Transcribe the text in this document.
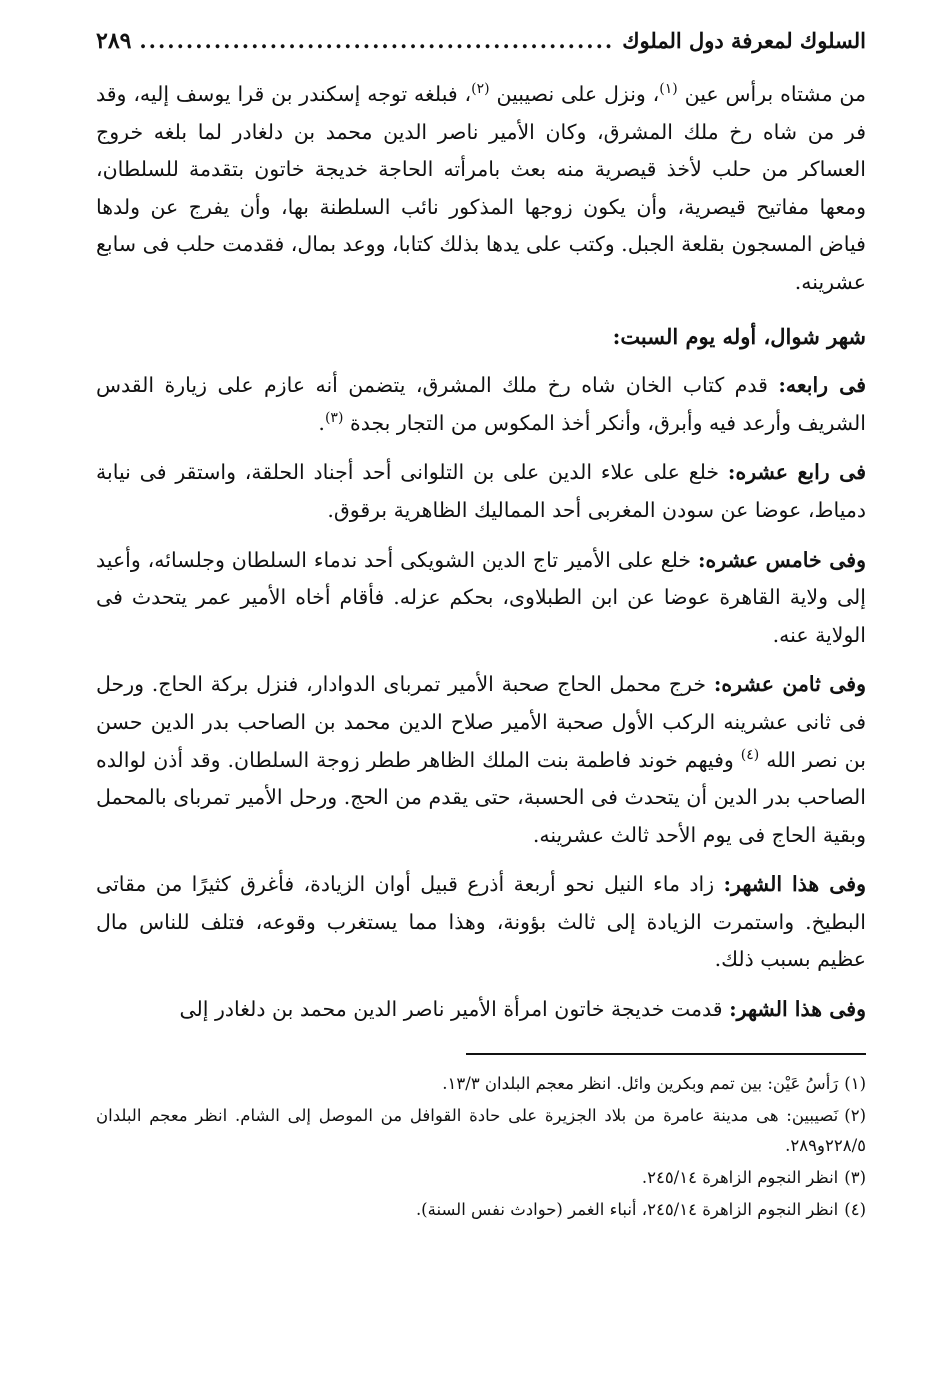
السلوك لمعرفة دول الملوك
.....
٢٨٩

من مشتاه برأس عين $^{(١)}$، ونزل على نصيبين $^{(٢)}$، فبلغه توجه إسكندر بن قرا يوسف إليه، وقد فر من شاه رخ ملك المشرق، وكان الأمير ناصر الدين محمد بن دلغادر لما بلغه خروج العساكر من حلب لأخذ قيصرية منه بعث بامرأته الحاجة خديجة خاتون بتقدمة للسلطان، ومعها مفاتيح قيصرية، وأن يكون زوجها المذكور نائب السلطنة بها، وأن يفرج عن ولدها فياض المسجون بقلعة الجبل. وكتب على يدها بذلك كتابا، ووعد بمال، فقدمت حلب فى سابع عشرينه.

شهر شوال، أوله يوم السبت:

فى رابعه: قدم كتاب الخان شاه رخ ملك المشرق، يتضمن أنه عازم على زيارة القدس الشريف وأرعد فيه وأبرق، وأنكر أخذ المكوس من التجار بجدة $^{(٣)}$.

فى رابع عشره: خلع على علاء الدين على بن التلوانى أحد أجناد الحلقة، واستقر فى نيابة دمياط، عوضا عن سودن المغربى أحد المماليك الظاهرية برقوق.

وفى خامس عشره: خلع على الأمير تاج الدين الشويكى أحد ندماء السلطان وجلسائه، وأعيد إلى ولاية القاهرة عوضا عن ابن الطبلاوى، بحكم عزله. فأقام أخاه الأمير عمر يتحدث فى الولاية عنه.

وفى ثامن عشره: خرج محمل الحاج صحبة الأمير تمرباى الدوادار، فنزل بركة الحاج. ورحل فى ثانى عشرينه الركب الأول صحبة الأمير صلاح الدين محمد بن الصاحب بدر الدين حسن بن نصر الله $^{(٤)}$ وفيهم خوند فاطمة بنت الملك الظاهر ططر زوجة السلطان. وقد أذن لوالده الصاحب بدر الدين أن يتحدث فى الحسبة، حتى يقدم من الحج. ورحل الأمير تمرباى بالمحمل وبقية الحاج فى يوم الأحد ثالث عشرينه.

وفى هذا الشهر: زاد ماء النيل نحو أربعة أذرع قبيل أوان الزيادة، فأغرق كثيرًا من مقاتى البطيخ. واستمرت الزيادة إلى ثالث بؤونة، وهذا مما يستغرب وقوعه، فتلف للناس مال عظيم بسبب ذلك.

وفى هذا الشهر: قدمت خديجة خاتون امرأة الأمير ناصر الدين محمد بن دلغادر إلى

(١)رَأسُ عَيْن: بين تمم وبكرين وائل. انظر معجم البلدان ١٣/٣.
(٢)نَصيبين: هى مدينة عامرة من بلاد الجزيرة على حادة القوافل من الموصل إلى الشام. انظر معجم البلدان ٢٢٨/٥و٢٨٩.
(٣)انظر النجوم الزاهرة ٢٤٥/١٤.
(٤)انظر النجوم الزاهرة ٢٤٥/١٤، أنباء الغمر (حوادث نفس السنة).
